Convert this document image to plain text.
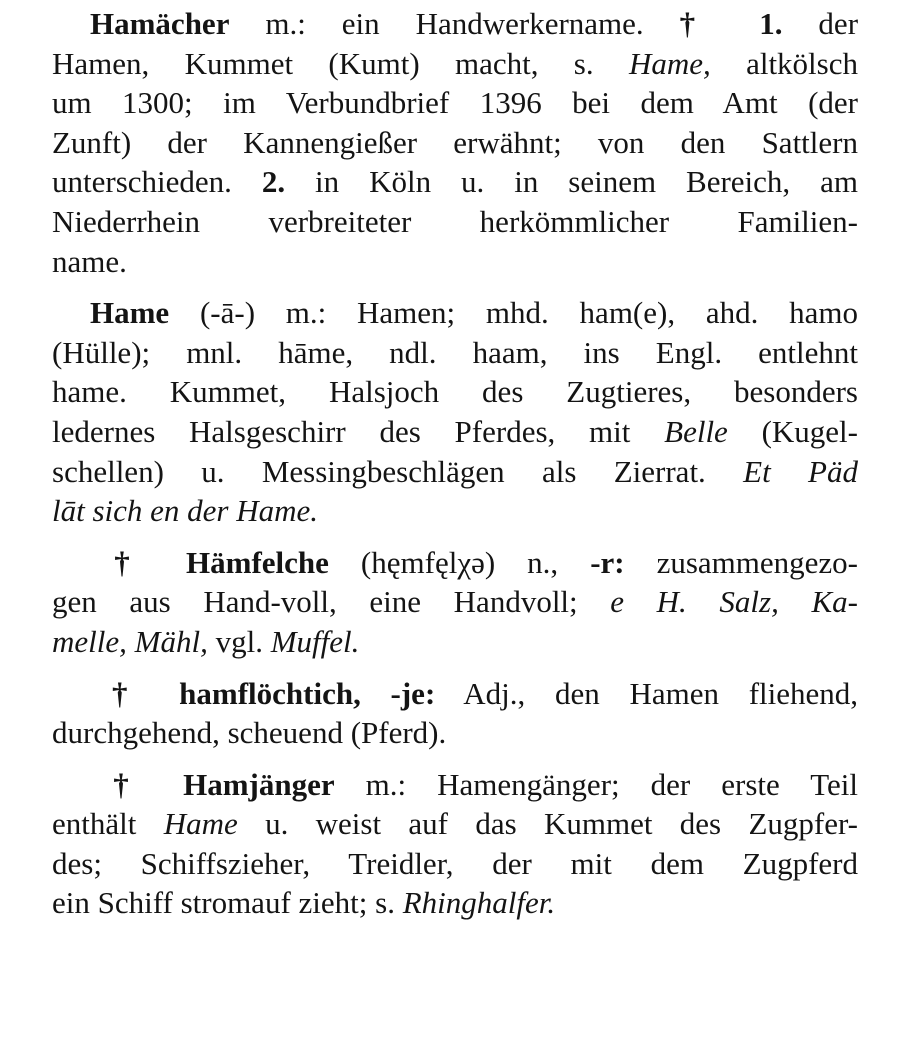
Hamächer m.: ein Handwerkername. † 1. der
Hamen, Kummet (Kumt) macht, s. Hame, altkölsch
um 1300; im Verbundbrief 1396 bei dem Amt (der
Zunft) der Kannengießer erwähnt; von den Sattlern
unterschieden. 2. in Köln u. in seinem Bereich, am
Niederrhein verbreiteter herkömmlicher Familien-
name.
Hame (-ā-) m.: Hamen; mhd. ham(e), ahd. hamo
(Hülle); mnl. hāme, ndl. haam, ins Engl. entlehnt
hame. Kummet, Halsjoch des Zugtieres, besonders
ledernes Halsgeschirr des Pferdes, mit Belle (Kugel-
schellen) u. Messingbeschlägen als Zierrat. Et Päd
lāt sich en der Hame.
† Hämfelche (hęmfęlχə) n., -r: zusammengezo-
gen aus Hand-voll, eine Handvoll; e H. Salz, Ka-
melle, Mähl, vgl. Muffel.
† hamflöchtich, -je: Adj., den Hamen fliehend,
durchgehend, scheuend (Pferd).
† Hamjänger m.: Hamengänger; der erste Teil
enthält Hame u. weist auf das Kummet des Zugpfer-
des; Schiffszieher, Treidler, der mit dem Zugpferd
ein Schiff stromauf zieht; s. Rhinghalfer.
